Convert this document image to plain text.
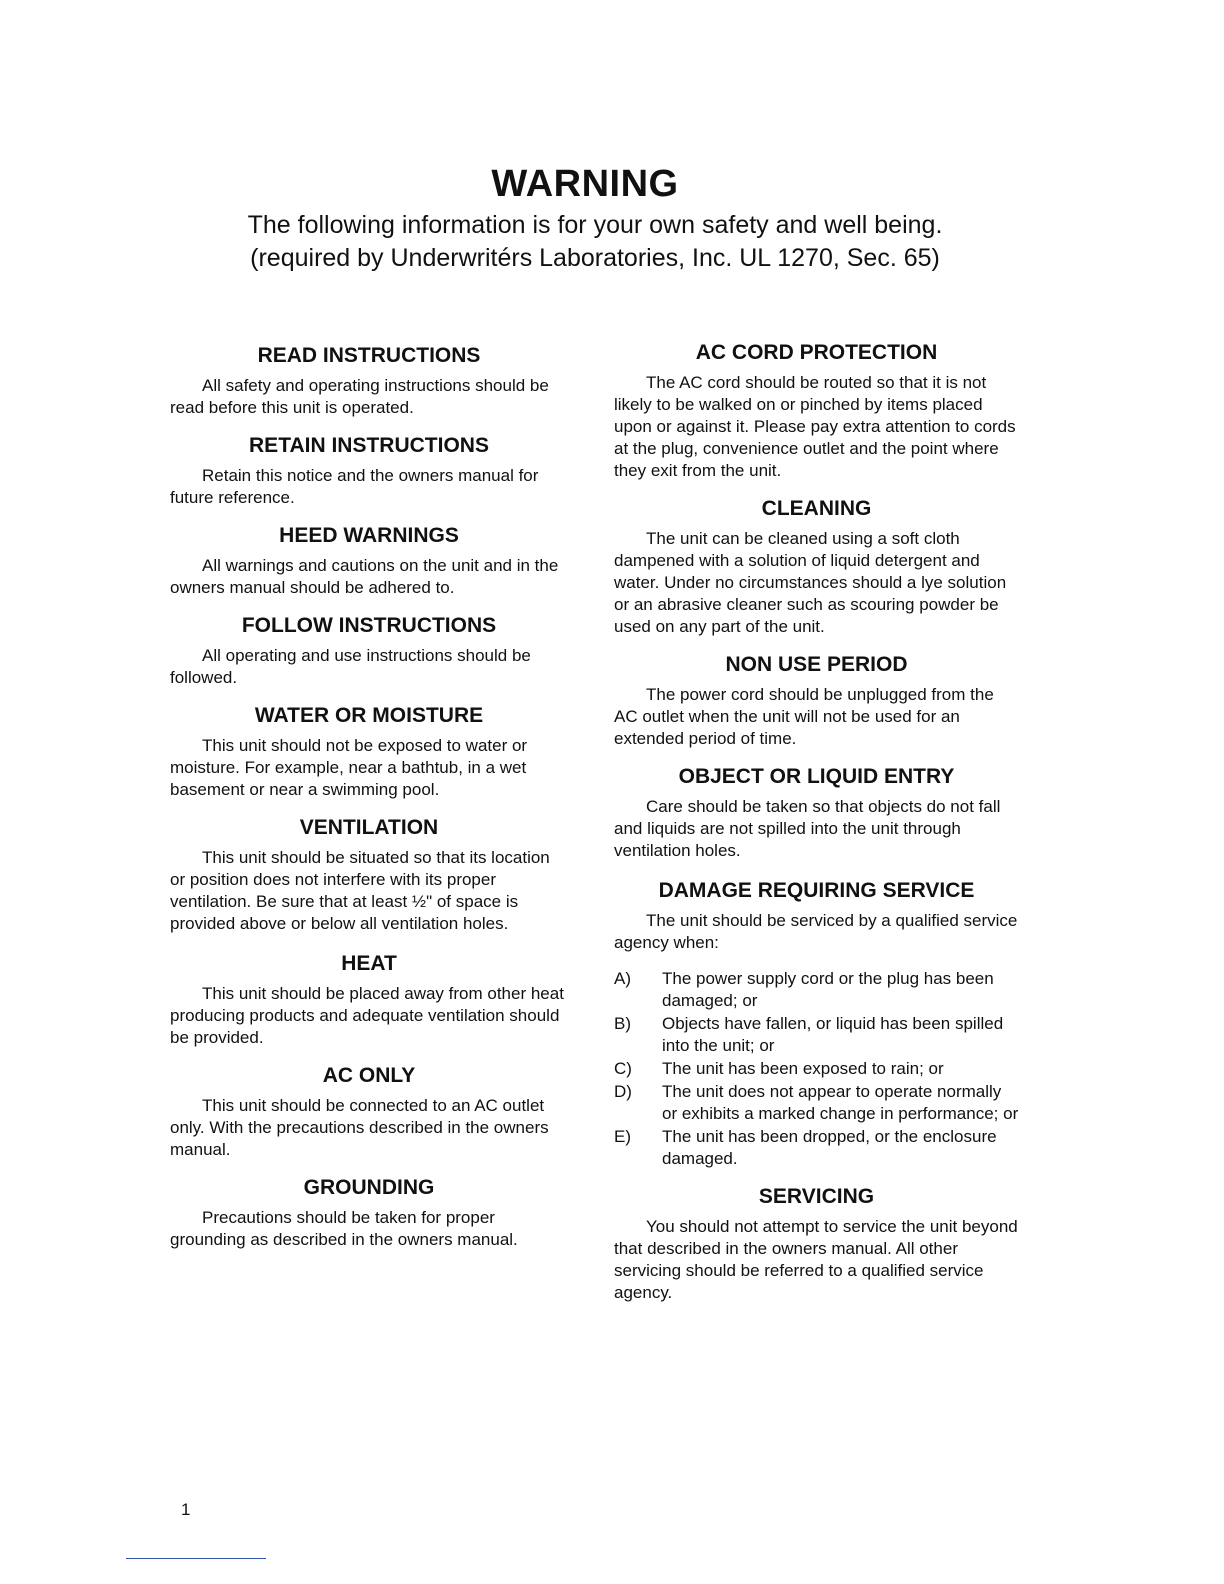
WARNING

The following information is for your own safety and well being.

(required by Underwritérs Laboratories, Inc. UL 1270, Sec. 65)

READ INSTRUCTIONS

All safety and operating instructions should be read before this unit is operated.

RETAIN INSTRUCTIONS

Retain this notice and the owners manual for future reference.

HEED WARNINGS

All warnings and cautions on the unit and in the owners manual should be adhered to.

FOLLOW INSTRUCTIONS

All operating and use instructions should be followed.

WATER OR MOISTURE

This unit should not be exposed to water or moisture. For example, near a bathtub, in a wet basement or near a swimming pool.

VENTILATION

This unit should be situated so that its location or position does not interfere with its proper ventilation. Be sure that at least ½" of space is provided above or below all ventilation holes.

HEAT

This unit should be placed away from other heat producing products and adequate ventilation should be provided.

AC ONLY

This unit should be connected to an AC outlet only. With the precautions described in the owners manual.

GROUNDING

Precautions should be taken for proper grounding as described in the owners manual.

AC CORD PROTECTION

The AC cord should be routed so that it is not likely to be walked on or pinched by items placed upon or against it. Please pay extra attention to cords at the plug, convenience outlet and the point where they exit from the unit.

CLEANING

The unit can be cleaned using a soft cloth dampened with a solution of liquid detergent and water. Under no circumstances should a lye solution or an abrasive cleaner such as scouring powder be used on any part of the unit.

NON USE PERIOD

The power cord should be unplugged from the AC outlet when the unit will not be used for an extended period of time.

OBJECT OR LIQUID ENTRY

Care should be taken so that objects do not fall and liquids are not spilled into the unit through ventilation holes.

DAMAGE REQUIRING SERVICE

The unit should be serviced by a qualified service agency when:

A)	The power supply cord or the plug has been damaged; or
B)	Objects have fallen, or liquid has been spilled into the unit; or
C)	The unit has been exposed to rain; or
D)	The unit does not appear to operate normally or exhibits a marked change in performance; or
E)	The unit has been dropped, or the enclosure damaged.
SERVICING

You should not attempt to service the unit beyond that described in the owners manual. All other servicing should be referred to a qualified service agency.

1
